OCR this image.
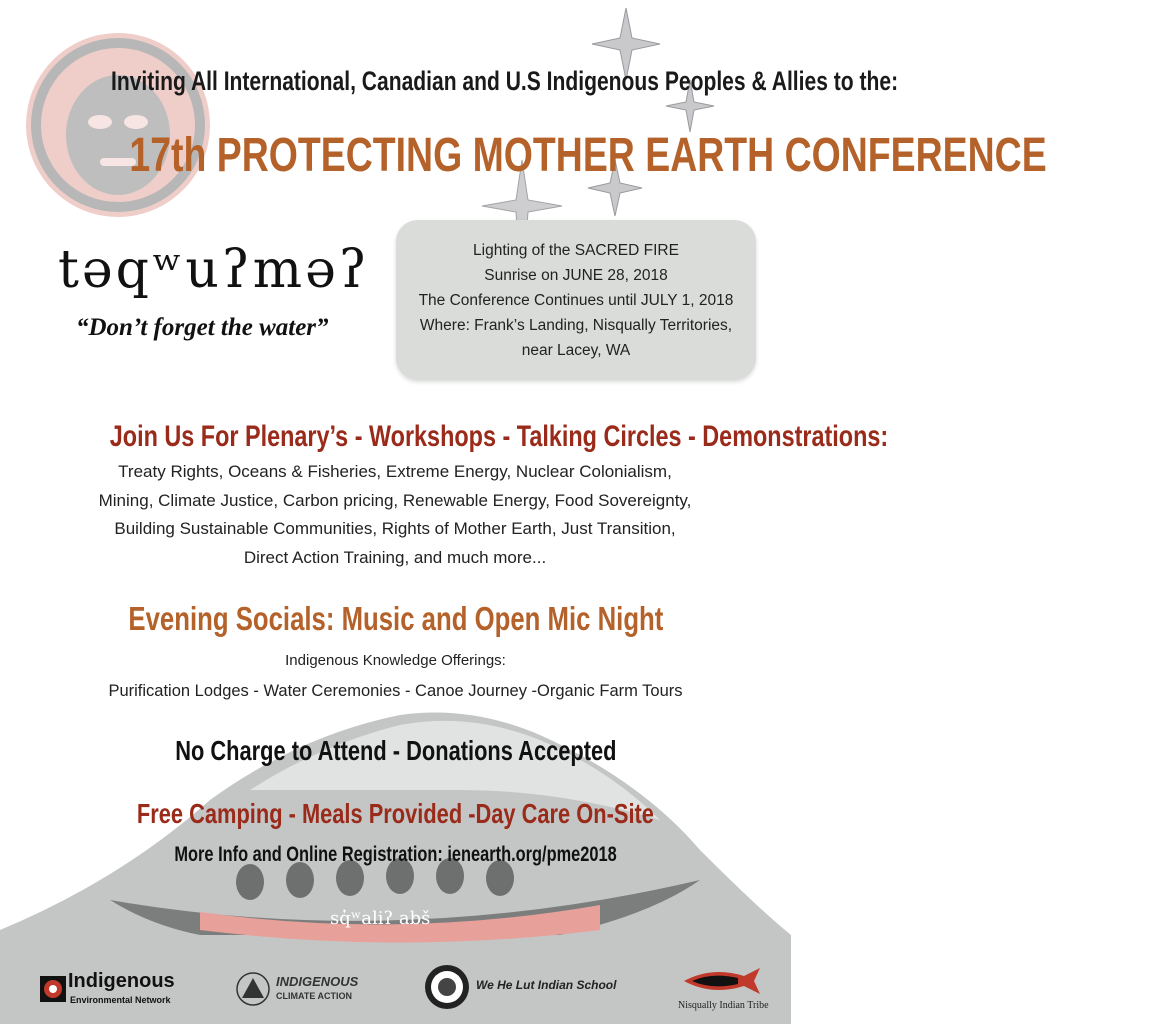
Inviting All International, Canadian and U.S Indigenous Peoples & Allies to the:
17th PROTECTING MOTHER EARTH CONFERENCE
təqʷuʔməʔ
“Don’t forget the water”
Lighting of the SACRED FIRE
Sunrise on JUNE 28, 2018
The Conference Continues until JULY 1, 2018
Where: Frank’s Landing, Nisqually Territories,
near Lacey, WA
Join Us For Plenary’s - Workshops - Talking Circles - Demonstrations:
Treaty Rights, Oceans & Fisheries, Extreme Energy, Nuclear Colonialism, Mining, Climate Justice, Carbon pricing, Renewable Energy, Food Sovereignty, Building Sustainable Communities, Rights of Mother Earth, Just Transition, Direct Action Training, and much more...
Evening Socials: Music and Open Mic Night
Indigenous Knowledge Offerings:
Purification Lodges - Water Ceremonies - Canoe Journey -Organic Farm Tours
No Charge to Attend - Donations Accepted
Free Camping - Meals Provided -Day Care On-Site
More Info and Online Registration: ienearth.org/pme2018
sq̓ʷaliʔ abš
Indigenous
Environmental Network
INDIGENOUS
CLIMATE ACTION
We He Lut Indian School
Nisqually Indian Tribe
